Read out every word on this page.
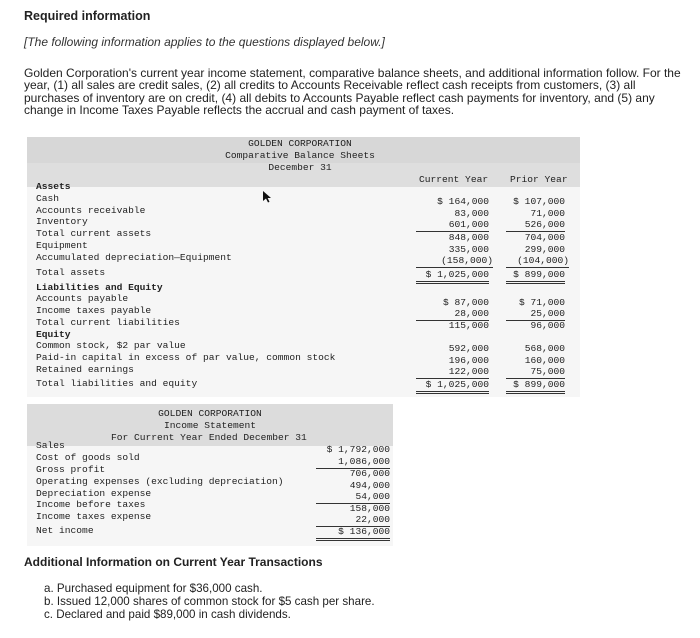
Required information
[The following information applies to the questions displayed below.]
Golden Corporation's current year income statement, comparative balance sheets, and additional information follow. For the year, (1) all sales are credit sales, (2) all credits to Accounts Receivable reflect cash receipts from customers, (3) all purchases of inventory are on credit, (4) all debits to Accounts Payable reflect cash payments for inventory, and (5) any change in Income Taxes Payable reflects the accrual and cash payment of taxes.
GOLDEN CORPORATION
Comparative Balance Sheets
December 31
Current Year Prior Year
Assets
Cash
Accounts receivable
Inventory
Total current assets
Equipment
Accumulated depreciation—Equipment
Total assets
Liabilities and Equity
Accounts payable
Income taxes payable
Total current liabilities
Equity
Common stock, $2 par value
Paid-in capital in excess of par value, common stock
Retained earnings
Total liabilities and equity
$ 164,000
83,000
601,000
848,000
335,000
(158,000)
$ 1,025,000
$ 87,000
28,000
115,000
592,000
196,000
122,000
$ 1,025,000
$ 107,000
71,000
526,000
704,000
299,000
(104,000)
$ 899,000
$ 71,000
25,000
96,000
568,000
160,000
75,000
$ 899,000
GOLDEN CORPORATION
Income Statement
For Current Year Ended December 31
Sales
Cost of goods sold
Gross profit
Operating expenses (excluding depreciation)
Depreciation expense
Income before taxes
Income taxes expense
Net income
$ 1,792,000
1,086,000
706,000
494,000
54,000
158,000
22,000
$ 136,000
Additional Information on Current Year Transactions
a. Purchased equipment for $36,000 cash.
b. Issued 12,000 shares of common stock for $5 cash per share.
c. Declared and paid $89,000 in cash dividends.
